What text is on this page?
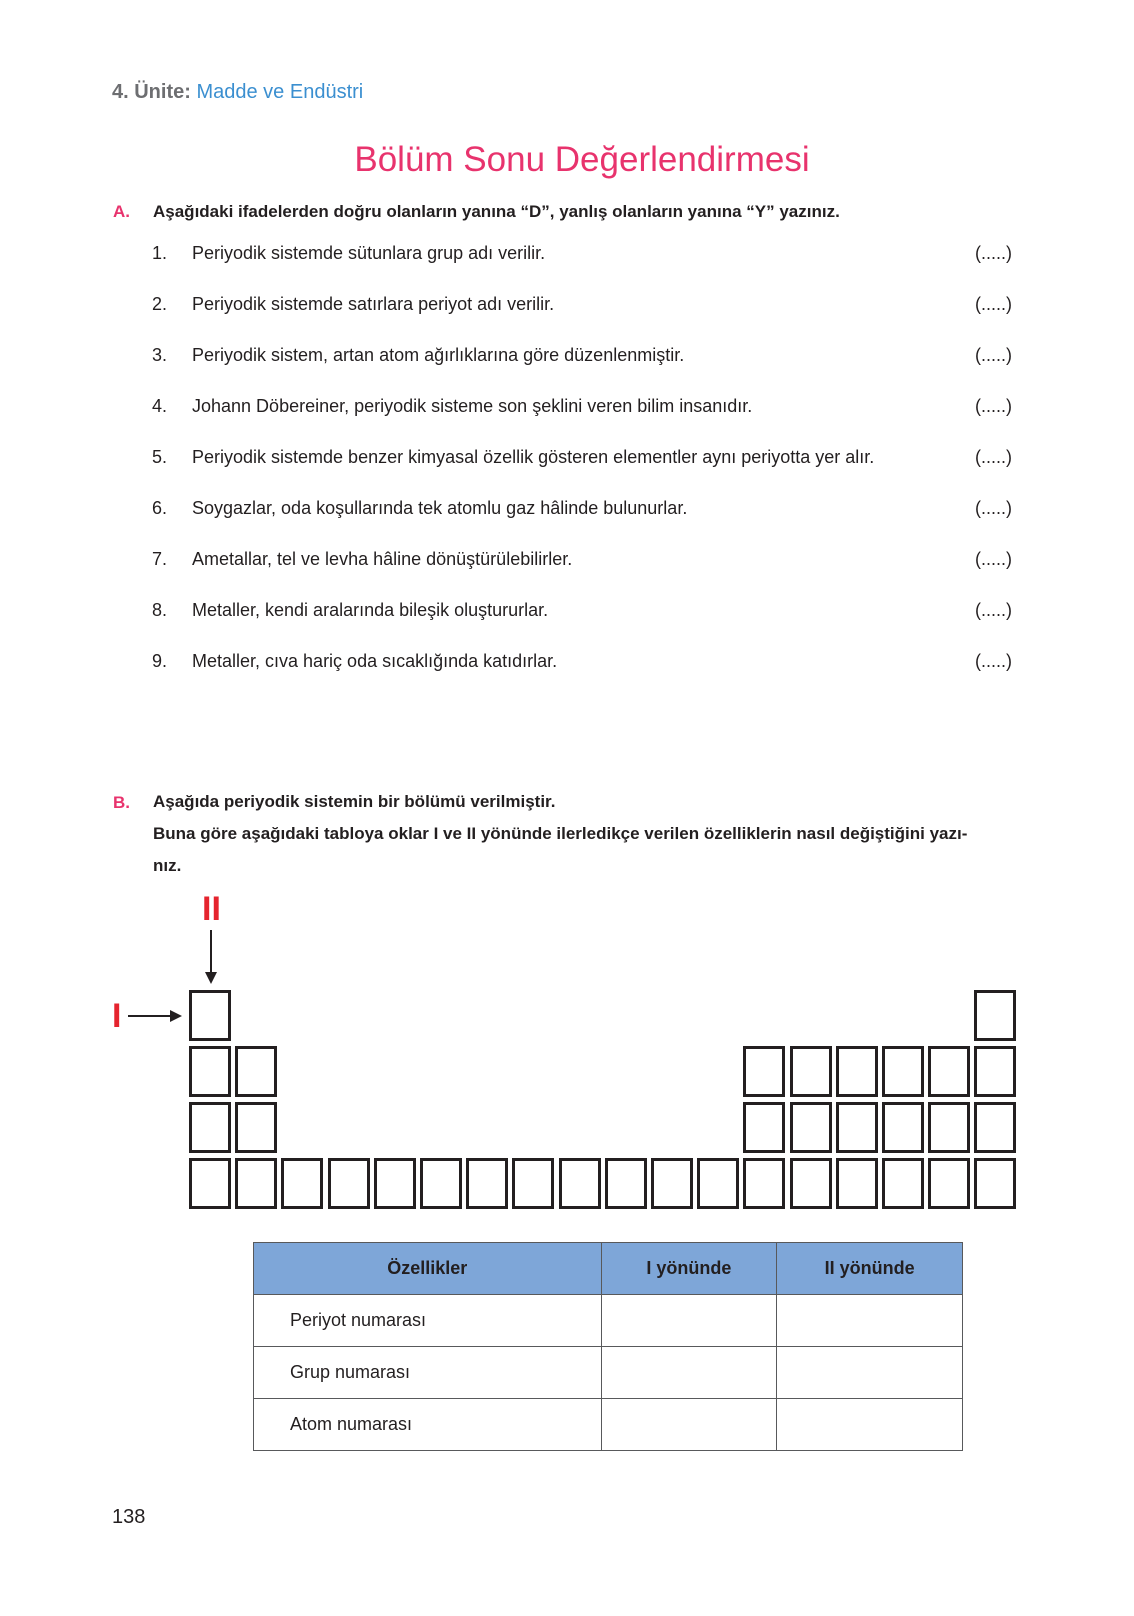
4. Ünite: Madde ve Endüstri
Bölüm Sonu Değerlendirmesi
A. Aşağıdaki ifadelerden doğru olanların yanına “D”, yanlış olanların yanına “Y” yazınız.
1. Periyodik sistemde sütunlara grup adı verilir.	(.....)
2. Periyodik sistemde satırlara periyot adı verilir.	(.....)
3. Periyodik sistem, artan atom ağırlıklarına göre düzenlenmiştir.	(.....)
4. Johann Döbereiner, periyodik sisteme son şeklini veren bilim insanıdır.	(.....)
5. Periyodik sistemde benzer kimyasal özellik gösteren elementler aynı periyotta yer alır.	(.....)
6. Soygazlar, oda koşullarında tek atomlu gaz hâlinde bulunurlar.	(.....)
7. Ametallar, tel ve levha hâline dönüştürülebilirler.	(.....)
8. Metaller, kendi aralarında bileşik oluştururlar.	(.....)
9. Metaller, cıva hariç oda sıcaklığında katıdırlar.	(.....)
B. Aşağıda periyodik sistemin bir bölümü verilmiştir.
Buna göre aşağıdaki tabloya oklar I ve II yönünde ilerledikçe verilen özelliklerin nasıl değiştiğini yazı-
nız.
II
I
Özellikler	I yönünde	II yönünde
Periyot numarası		
Grup numarası		
Atom numarası		
138
